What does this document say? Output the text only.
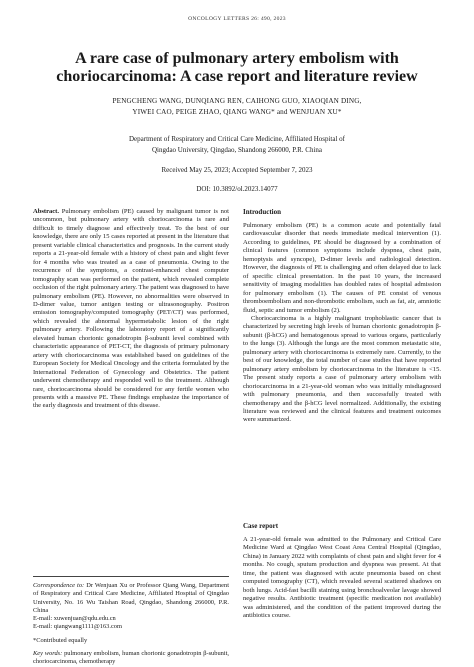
ONCOLOGY LETTERS 26: 490, 2023
A rare case of pulmonary artery embolism with choriocarcinoma: A case report and literature review
PENGCHENG WANG, DUNQIANG REN, CAIHONG GUO, XIAOQIAN DING,
YIWEI CAO, PEIGE ZHAO, QIANG WANG* and WENJUAN XU*
Department of Respiratory and Critical Care Medicine, Affiliated Hospital of
Qingdao University, Qingdao, Shandong 266000, P.R. China
Received May 25, 2023; Accepted September 7, 2023
DOI: 10.3892/ol.2023.14077

Abstract. Pulmonary embolism (PE) caused by malignant tumor is not uncommon, but pulmonary artery with choriocarcinoma is rare and difficult to timely diagnose and effectively treat. To the best of our knowledge, there are only 15 cases reported at present in the literature that present variable clinical characteristics and prognosis. In the current study reports a 21-year-old female with a history of chest pain and slight fever for 4 months who was treated as a case of pneumonia. Owing to the recurrence of the symptoms, a contrast-enhanced chest computer tomography scan was performed on the patient, which revealed complete occlusion of the right pulmonary artery. The patient was diagnosed to have pulmonary embolism (PE). However, no abnormalities were observed in D-dimer value, tumor antigen testing or ultrasonography. Positron emission tomography/computed tomography (PET/CT) was performed, which revealed the abnormal hypermetabolic lesion of the right pulmonary artery. Following the laboratory report of a significantly elevated human chorionic gonadotropin β-subunit level combined with characteristic appearance of PET-CT, the diagnosis of primary pulmonary artery with choriocarcinoma was established based on guidelines of the European Society for Medical Oncology and the criteria formulated by the International Federation of Gynecology and Obstetrics. The patient underwent chemotherapy and responded well to the treatment. Although rare, choriocarcinoma should be considered for any fertile women who presents with a massive PE. These findings emphasize the importance of the early diagnosis and treatment of this disease.

Correspondence to: Dr Wenjuan Xu or Professor Qiang Wang, Department of Respiratory and Critical Care Medicine, Affiliated Hospital of Qingdao University, No. 16 Wu Taishan Road, Qingdao, Shandong 266000, P.R. China

E-mail: xuwenjuan@qdu.edu.cn

E-mail: qiangwang1111@163.com

*Contributed equally

Key words: pulmonary embolism, human chorionic gonadotropin β-subunit, choriocarcinoma, chemotherapy

Introduction

Pulmonary embolism (PE) is a common acute and potentially fatal cardiovascular disorder that needs immediate medical intervention (1). According to guidelines, PE should be diagnosed by a combination of clinical features (common symptoms include dyspnea, chest pain, hemoptysis and syncope), D-dimer levels and radiological detection. However, the diagnosis of PE is challenging and often delayed due to lack of specific clinical presentation. In the past 10 years, the increased sensitivity of imaging modalities has doubled rates of hospital admission for pulmonary embolism (1). The causes of PE consist of venous thromboembolism and non-thrombotic embolism, such as fat, air, amniotic fluid, septic and tumor embolism (2).

Choriocarcinoma is a highly malignant trophoblastic cancer that is characterized by secreting high levels of human chorionic gonadotropin β-subunit (β-hCG) and hematogenous spread to various organs, particularly to the lungs (3). Although the lungs are the most common metastatic site, pulmonary artery with choriocarcinoma is extremely rare. Currently, to the best of our knowledge, the total number of case studies that have reported pulmonary artery embolism by choriocarcinoma in the literature is <15. The present study reports a case of pulmonary artery embolism with choriocarcinoma in a 21-year-old woman who was initially misdiagnosed with pulmonary pneumonia, and then successfully treated with chemotherapy and the β-hCG level normalized. Additionally, the existing literature was reviewed and the clinical features and treatment outcomes were summarized.

Case report

A 21-year-old female was admitted to the Pulmonary and Critical Care Medicine Ward at Qingdao West Coast Area Central Hospital (Qingdao, China) in January 2022 with complaints of chest pain and slight fever for 4 months. No cough, sputum production and dyspnea was present. At that time, the patient was diagnosed with acute pneumonia based on chest computed tomography (CT), which revealed several scattered shadows on both lungs. Acid-fast bacilli staining using bronchoalveolar lavage showed negative results. Antibiotic treatment (specific medication not available) was administered, and the condition of the patient improved during the antibiotics course.
